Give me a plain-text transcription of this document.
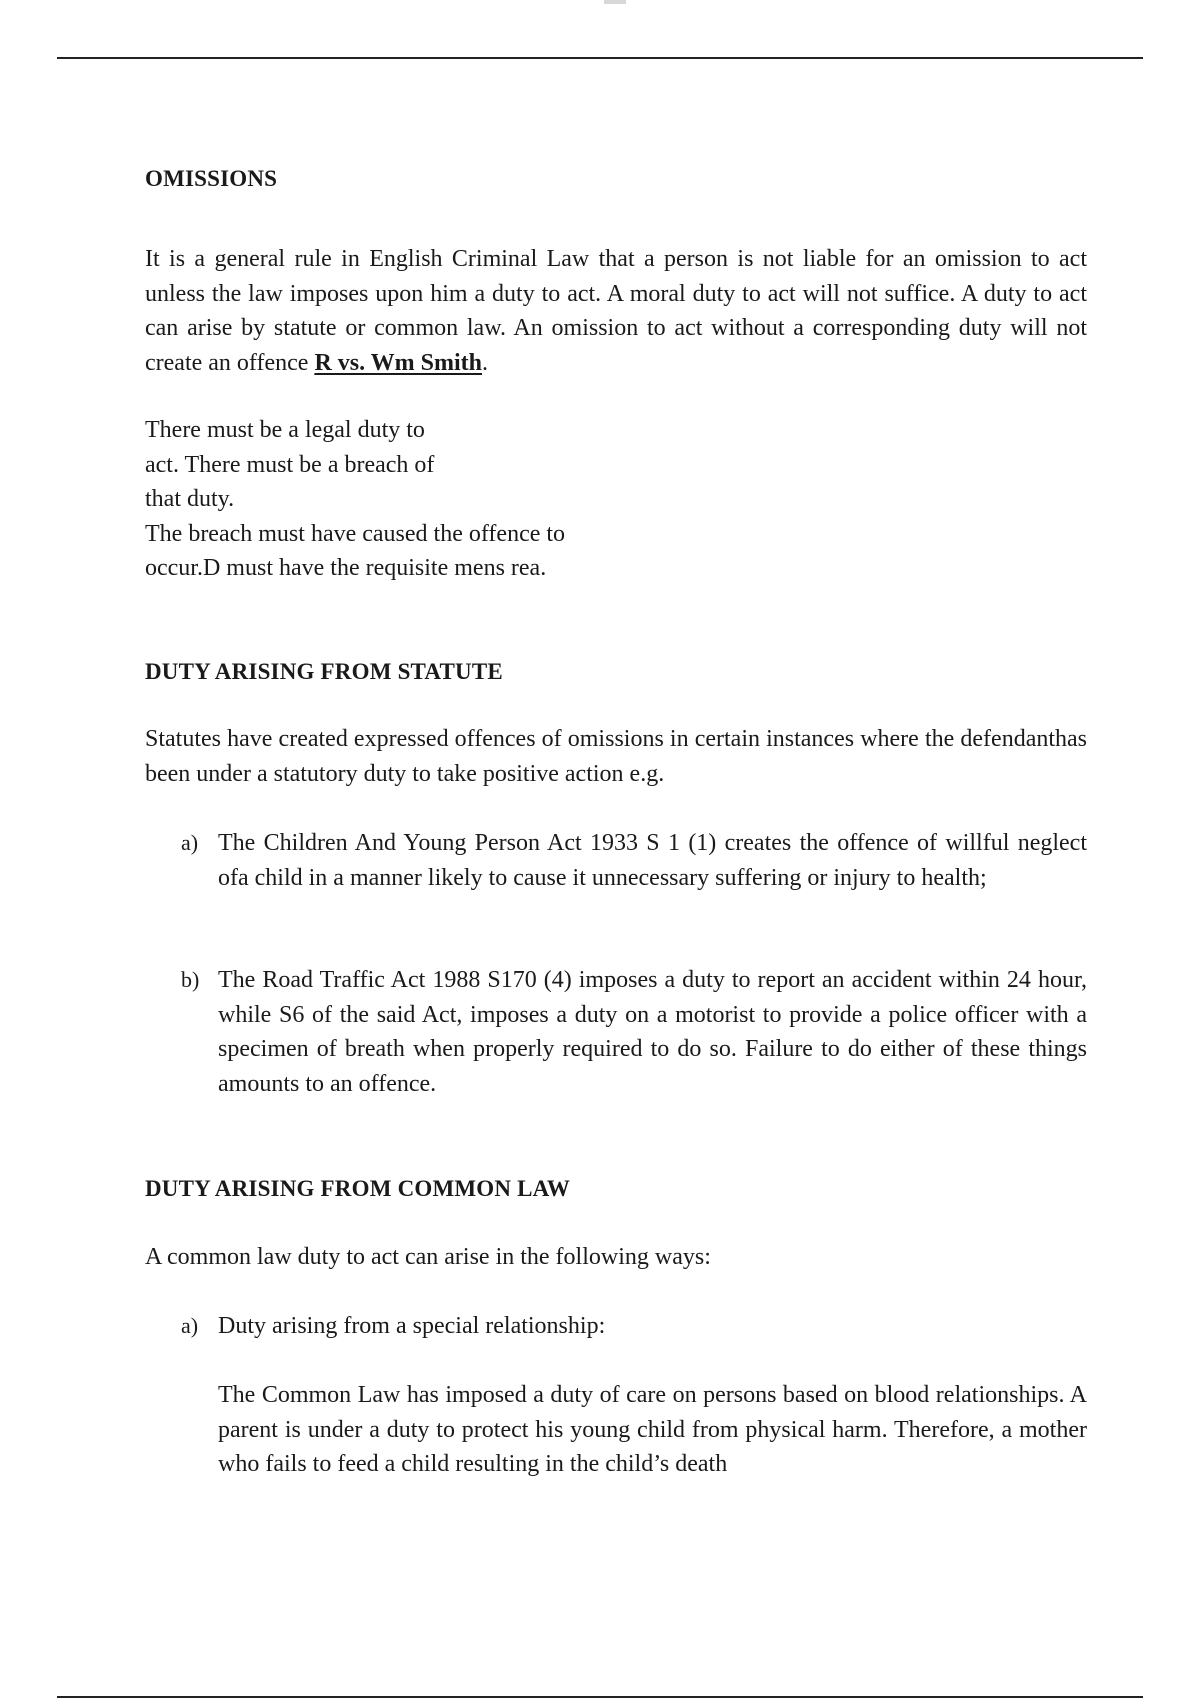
OMISSIONS
It is a general rule in English Criminal Law that a person is not liable for an omission to act unless the law imposes upon him a duty to act. A moral duty to act will not suffice. A duty to act can arise by statute or common law. An omission to act without a corresponding duty will not create an offence R vs. Wm Smith.
There must be a legal duty to
act. There must be a breach of
that duty.
The breach must have caused the offence to
occur.D must have the requisite mens rea.
DUTY ARISING FROM STATUTE
Statutes have created expressed offences of omissions in certain instances where the defendanthas been under a statutory duty to take positive action e.g.
a) The Children And Young Person Act 1933 S 1 (1) creates the offence of willful neglect ofa child in a manner likely to cause it unnecessary suffering or injury to health;
b) The Road Traffic Act 1988 S170 (4) imposes a duty to report an accident within 24 hour, while S6 of the said Act, imposes a duty on a motorist to provide a police officer with a specimen of breath when properly required to do so. Failure to do either of these things amounts to an offence.
DUTY ARISING FROM COMMON LAW
A common law duty to act can arise in the following ways:
a) Duty arising from a special relationship:
The Common Law has imposed a duty of care on persons based on blood relationships. A parent is under a duty to protect his young child from physical harm. Therefore, a mother who fails to feed a child resulting in the child’s death
